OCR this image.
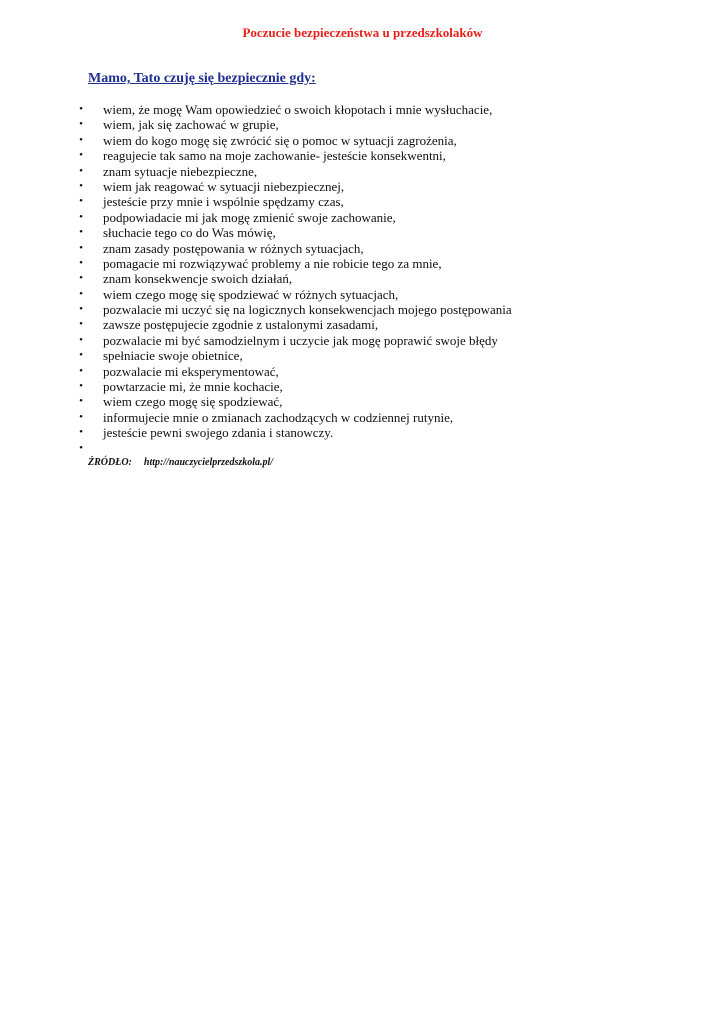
Poczucie bezpieczeństwa u przedszkolaków
Mamo, Tato czuję się bezpiecznie gdy:
• wiem, że mogę Wam opowiedzieć o swoich kłopotach i mnie wysłuchacie,
• wiem, jak się zachować w grupie,
• wiem do kogo mogę się zwrócić się o pomoc w sytuacji zagrożenia,
• reagujecie tak samo na moje zachowanie- jesteście konsekwentni,
• znam sytuacje niebezpieczne,
• wiem jak reagować w sytuacji niebezpiecznej,
• jesteście przy mnie i wspólnie spędzamy czas,
• podpowiadacie mi jak mogę zmienić swoje zachowanie,
• słuchacie tego co do Was mówię,
• znam zasady postępowania w różnych sytuacjach,
• pomagacie mi rozwiązywać problemy a nie robicie tego za mnie,
• znam konsekwencje swoich działań,
• wiem czego mogę się spodziewać w różnych sytuacjach,
• pozwalacie mi uczyć się na logicznych konsekwencjach mojego postępowania
• zawsze postępujecie zgodnie z ustalonymi zasadami,
• pozwalacie mi być samodzielnym i uczycie jak mogę poprawić swoje błędy
• spełniacie swoje obietnice,
• pozwalacie mi eksperymentować,
• powtarzacie mi, że mnie kochacie,
• wiem czego mogę się spodziewać,
• informujecie mnie o zmianach zachodzących w codziennej rutynie,
• jesteście pewni swojego zdania i stanowczy.
•
ŹRÓDŁO: http://nauczycielprzedszkola.pl/
